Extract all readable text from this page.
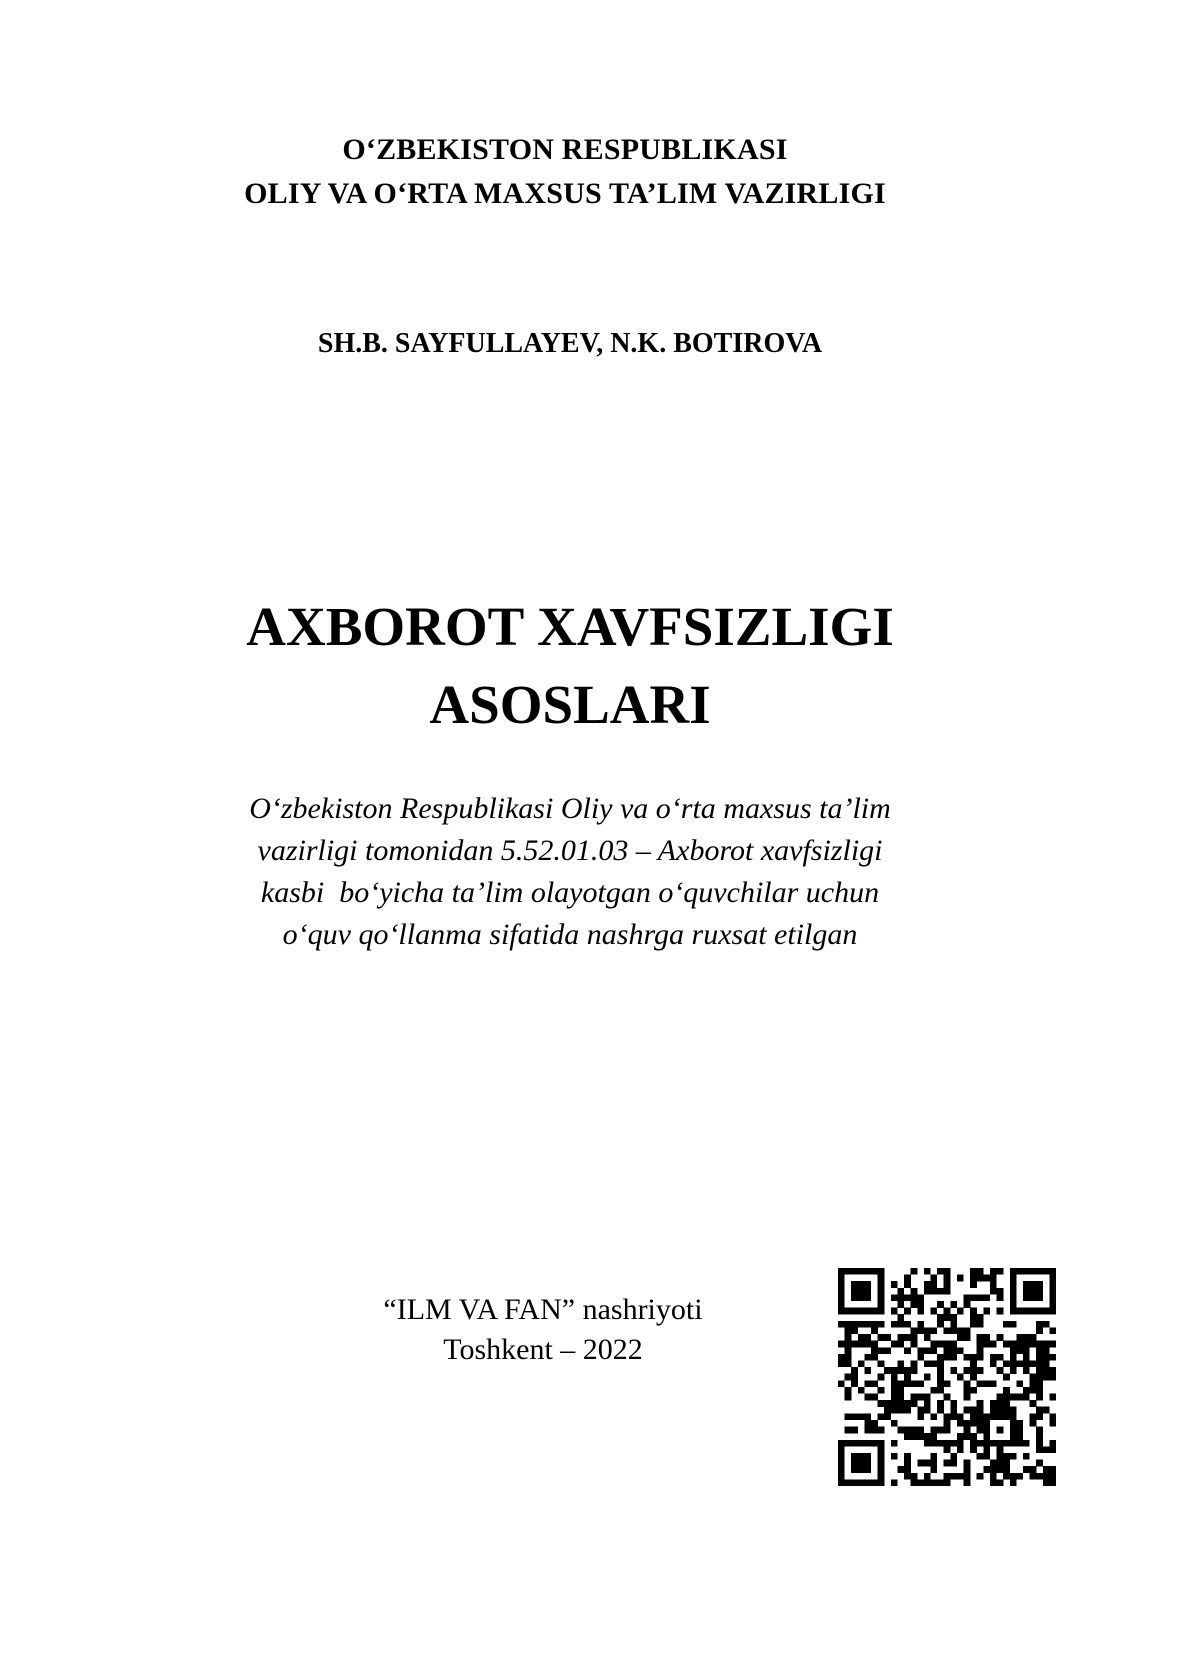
O‘ZBEKISTON RESPUBLIKASI
OLIY VA O‘RTA MAXSUS TA’LIM VAZIRLIGI
SH.B. SAYFULLAYEV, N.K. BOTIROVA
AXBOROT XAVFSIZLIGI
ASOSLARI
O‘zbekiston Respublikasi Oliy va o‘rta maxsus ta’lim
vazirligi tomonidan 5.52.01.03 – Axborot xavfsizligi
kasbi  bo‘yicha ta’lim olayotgan o‘quvchilar uchun
o‘quv qo‘llanma sifatida nashrga ruxsat etilgan
“ILM VA FAN” nashriyoti
Toshkent – 2022
